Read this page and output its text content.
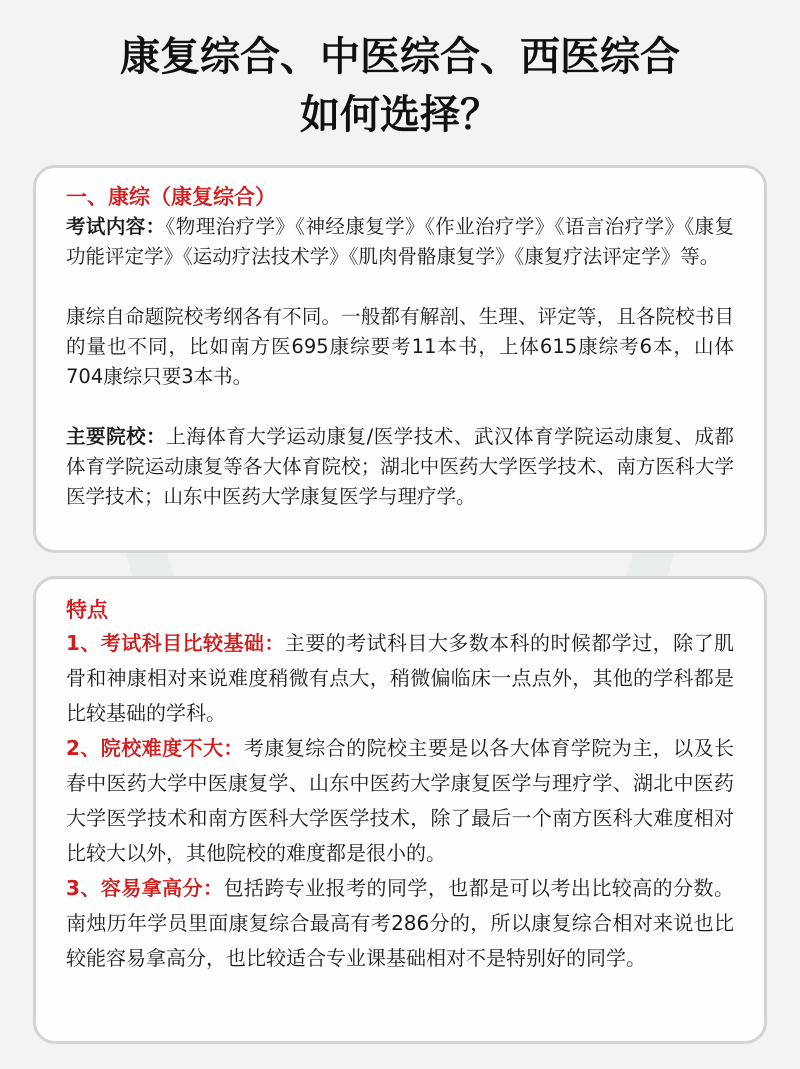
康复综合、中医综合、西医综合
如何选择？
一、康综（康复综合）

考试内容：《物理治疗学》《神经康复学》《作业治疗学》《语言治疗学》《康复功能评定学》《运动疗法技术学》《肌肉骨骼康复学》《康复疗法评定学》等。

康综自命题院校考纲各有不同。一般都有解剖、生理、评定等，且各院校书目的量也不同，比如南方医695康综要考11本书，上体615康综考6本，山体704康综只要3本书。

主要院校：上海体育大学运动康复/医学技术、武汉体育学院运动康复、成都体育学院运动康复等各大体育院校；湖北中医药大学医学技术、南方医科大学医学技术；山东中医药大学康复医学与理疗学。

特点

1、考试科目比较基础：主要的考试科目大多数本科的时候都学过，除了肌骨和神康相对来说难度稍微有点大，稍微偏临床一点点外，其他的学科都是比较基础的学科。

2、院校难度不大：考康复综合的院校主要是以各大体育学院为主，以及长春中医药大学中医康复学、山东中医药大学康复医学与理疗学、湖北中医药大学医学技术和南方医科大学医学技术，除了最后一个南方医科大难度相对比较大以外，其他院校的难度都是很小的。

3、容易拿高分：包括跨专业报考的同学，也都是可以考出比较高的分数。南烛历年学员里面康复综合最高有考286分的，所以康复综合相对来说也比较能容易拿高分，也比较适合专业课基础相对不是特别好的同学。
